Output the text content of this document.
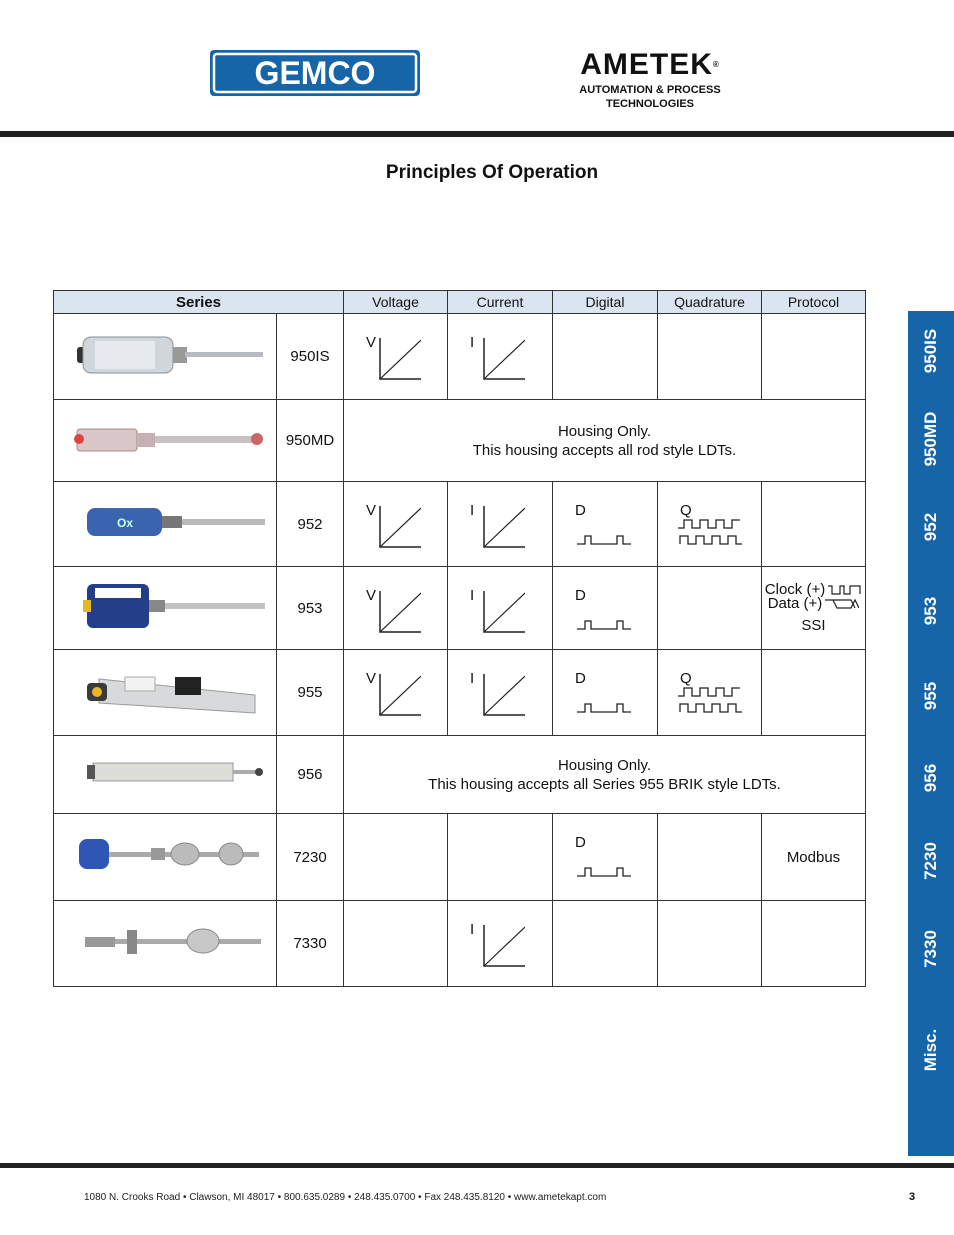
GEMCO	AMETEK®
AUTOMATION & PROCESS
TECHNOLOGIES
Principles Of Operation
Series		Voltage	Current	Digital	Quadrature	Protocol
	950IS	V	I			

	950MD	Housing Only.
This housing accepts all rod style LDTs.				

Ox	952	V	I	D	Q	

	953	V	I	D		Clock (+)
Data (+)
SSI

	955	V	I	D	Q	

	956	Housing Only.
This housing accepts all Series 955 BRIK style LDTs.				

	7230			D		Modbus
	7330		I			

950IS
950MD
952
953
955
956
7230
7330
Misc.
1080 N. Crooks Road • Clawson, MI 48017 • 800.635.0289 • 248.435.0700 • Fax 248.435.8120 • www.ametekapt.com	3
